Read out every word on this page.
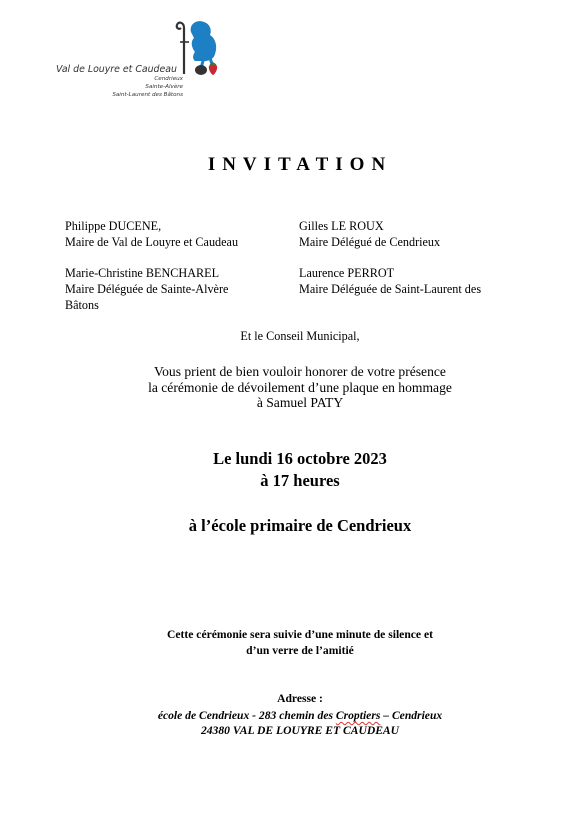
Val de Louyre et Caudeau
Cendrieux
Sainte-Alvère
Saint-Laurent des Bâtons
INVITATION
Philippe DUCENE,
Maire de Val de Louyre et Caudeau
Gilles LE ROUX
Maire Délégué de Cendrieux
Marie-Christine BENCHAREL
Maire Déléguée de Sainte-Alvère
Bâtons
Laurence PERROT
Maire Déléguée de Saint-Laurent des
Et le Conseil Municipal,
Vous prient de bien vouloir honorer de votre présence
la cérémonie de dévoilement d’une plaque en hommage
à Samuel PATY
Le lundi 16 octobre 2023
à 17 heures
à l’école primaire de Cendrieux
Cette cérémonie sera suivie d’une minute de silence et
d’un verre de l’amitié
Adresse :
école de Cendrieux - 283 chemin des Croptiers – Cendrieux
24380 VAL DE LOUYRE ET CAUDEAU
